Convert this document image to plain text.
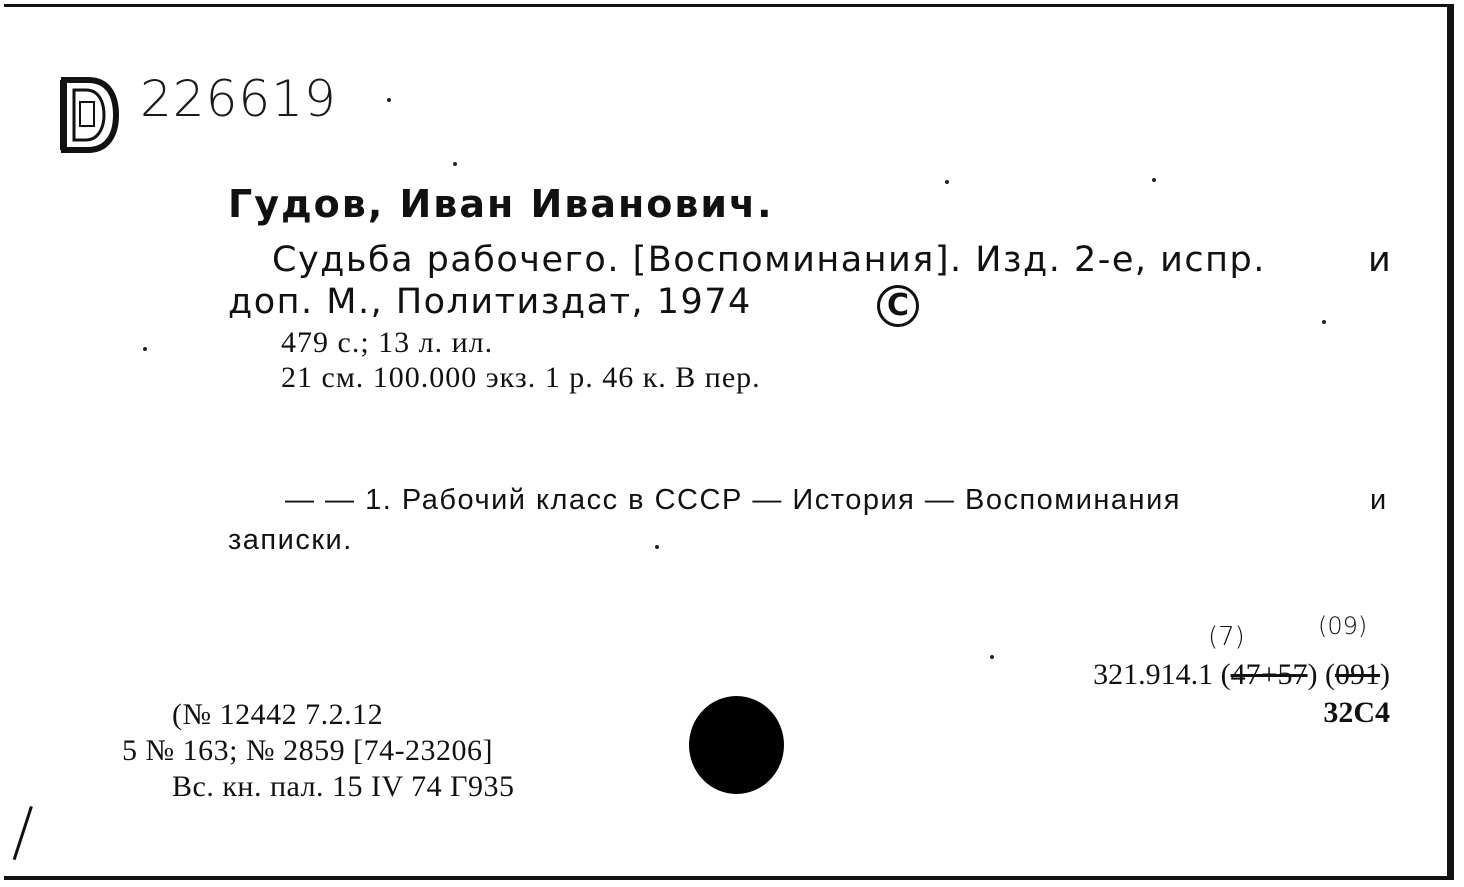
226619
Гудов, Иван Иванович.
Судьба рабочего. [Воспоминания]. Изд. 2-е, испр.	и
доп. М., Политиздат, 1974	C
479 с.; 13 л. ил.
21 см. 100.000 экз. 1 р. 46 к. В пер.
— — 1. Рабочий класс в СССР — История — Воспоминания	и
записки.
(№ 12442 7.2.12
5 № 163; № 2859 [74-23206]
Вс. кн. пал. 15 IV 74 Г935
(7)	(09)
321.914.1 (47+57) (091)
32С4
